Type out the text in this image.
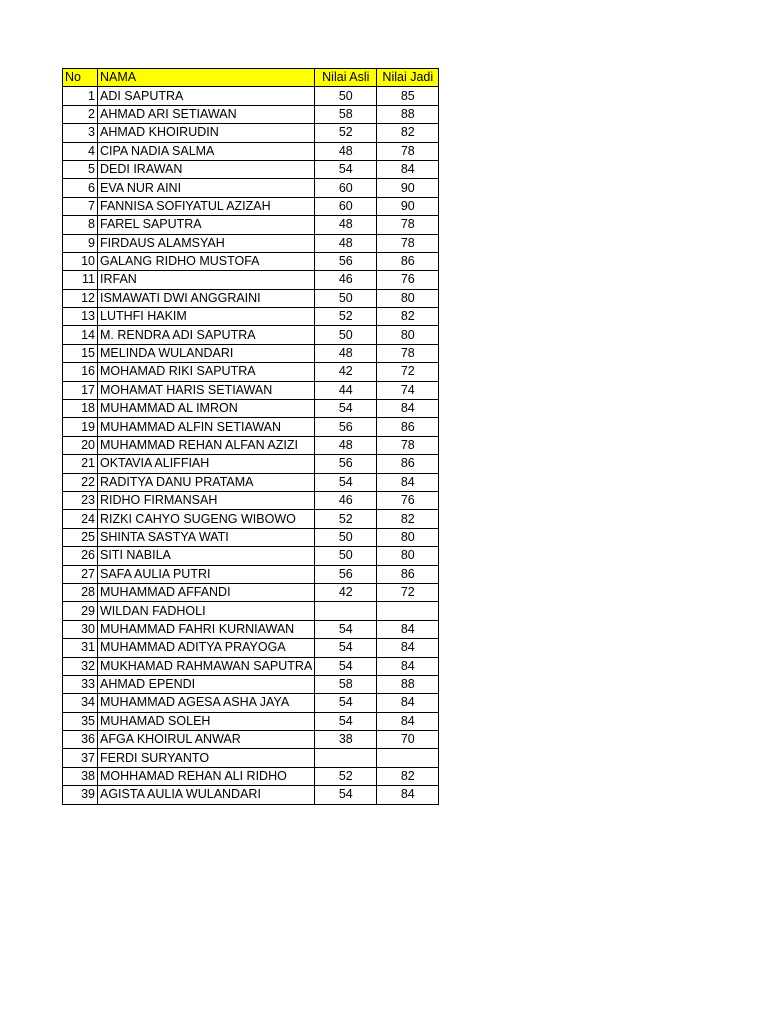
No	NAMA	Nilai Asli	Nilai Jadi
1	ADI SAPUTRA	50	85
2	AHMAD ARI SETIAWAN	58	88
3	AHMAD KHOIRUDIN	52	82
4	CIPA NADIA SALMA	48	78
5	DEDI IRAWAN	54	84
6	EVA NUR AINI	60	90
7	FANNISA SOFIYATUL AZIZAH	60	90
8	FAREL SAPUTRA	48	78
9	FIRDAUS ALAMSYAH	48	78
10	GALANG RIDHO MUSTOFA	56	86
11	IRFAN	46	76
12	ISMAWATI DWI ANGGRAINI	50	80
13	LUTHFI HAKIM	52	82
14	M. RENDRA ADI SAPUTRA	50	80
15	MELINDA WULANDARI	48	78
16	MOHAMAD RIKI SAPUTRA	42	72
17	MOHAMAT HARIS SETIAWAN	44	74
18	MUHAMMAD AL IMRON	54	84
19	MUHAMMAD ALFIN SETIAWAN	56	86
20	MUHAMMAD REHAN ALFAN AZIZI	48	78
21	OKTAVIA ALIFFIAH	56	86
22	RADITYA DANU PRATAMA	54	84
23	RIDHO FIRMANSAH	46	76
24	RIZKI CAHYO SUGENG WIBOWO	52	82
25	SHINTA SASTYA WATI	50	80
26	SITI NABILA	50	80
27	SAFA AULIA PUTRI	56	86
28	MUHAMMAD AFFANDI	42	72
29	WILDAN FADHOLI		
30	MUHAMMAD FAHRI KURNIAWAN	54	84
31	MUHAMMAD ADITYA PRAYOGA	54	84
32	MUKHAMAD RAHMAWAN SAPUTRA	54	84
33	AHMAD EPENDI	58	88
34	MUHAMMAD AGESA ASHA JAYA	54	84
35	MUHAMAD SOLEH	54	84
36	AFGA KHOIRUL ANWAR	38	70
37	FERDI SURYANTO		
38	MOHHAMAD REHAN ALI RIDHO	52	82
39	AGISTA AULIA WULANDARI	54	84
